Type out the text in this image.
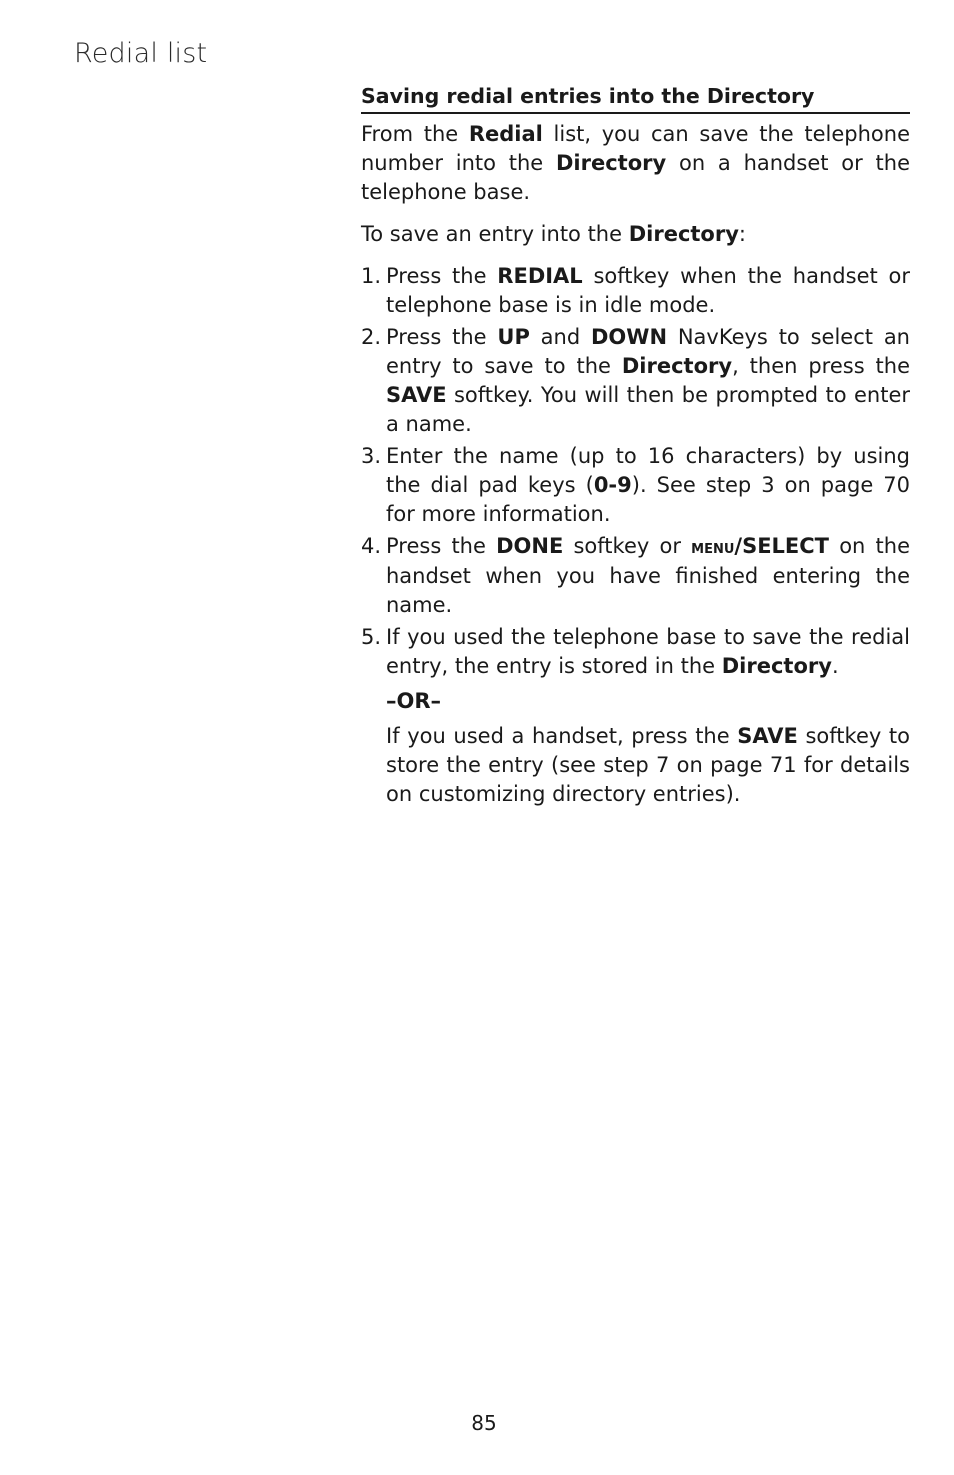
Redial list
Saving redial entries into the Directory

From the Redial list, you can save the telephone number into the Directory on a handset or the telephone base.

To save an entry into the Directory:

1. Press the REDIAL softkey when the handset or telephone base is in idle mode.
2. Press the UP and DOWN NavKeys to select an entry to save to the Directory, then press the SAVE softkey. You will then be prompted to enter a name.
3. Enter the name (up to 16 characters) by using the dial pad keys (0-9). See step 3 on page 70 for more information.
4. Press the DONE softkey or menu/SELECT on the handset when you have finished entering the name.
5. If you used the telephone base to save the redial entry, the entry is stored in the Directory.
–OR–
If you used a handset, press the SAVE softkey to store the entry (see step 7 on page 71 for details on customizing directory entries).
85
